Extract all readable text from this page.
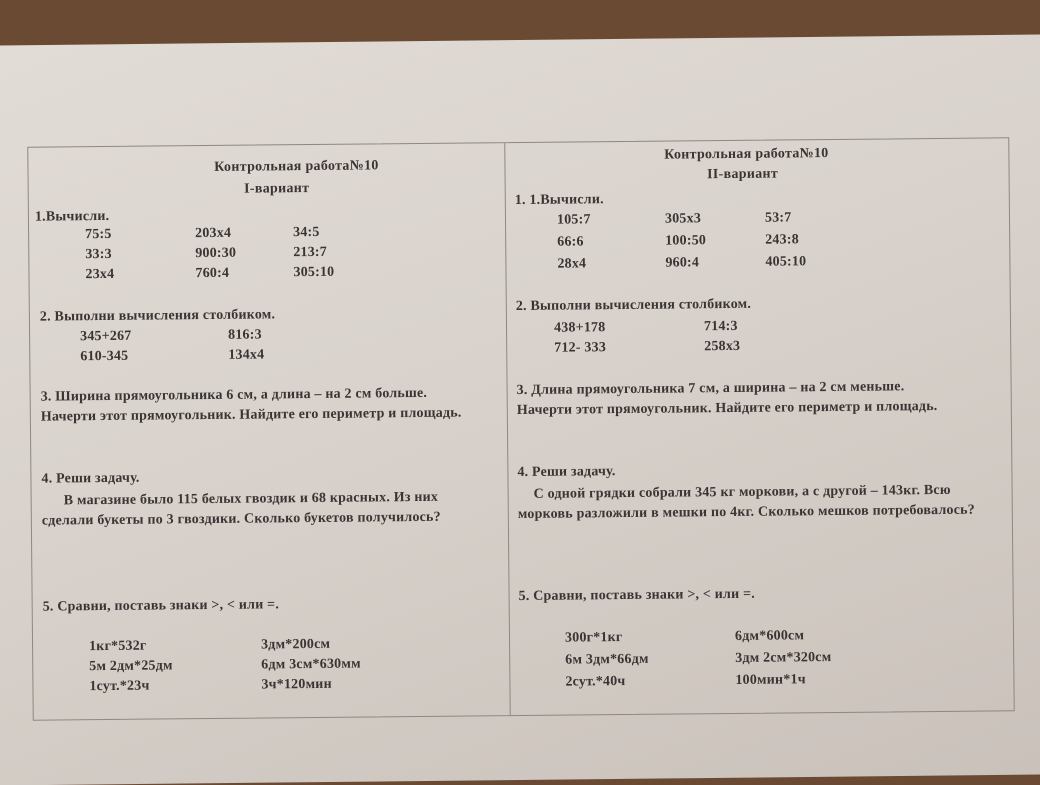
Контрольная работа№10
I-вариант
1.Вычисли.
75:5	203x4	34:5
33:3	900:30	213:7
23x4	760:4	305:10
2. Выполни вычисления столбиком.
345+267	816:3
610-345	134x4
3. Ширина прямоугольника 6 см, а длина – на 2 см больше. Начерти этот прямоугольник. Найдите его периметр и площадь.
4. Реши задачу.
В магазине было 115 белых гвоздик и 68 красных. Из них сделали букеты по 3 гвоздики. Сколько букетов получилось?
5. Сравни, поставь знаки >, < или =.
1кг*532г	3дм*200см
5м 2дм*25дм	6дм 3см*630мм
1сут.*23ч	3ч*120мин
Контрольная работа№10
II-вариант
1. 1.Вычисли.
105:7	305x3	53:7
66:6	100:50	243:8
28x4	960:4	405:10
2. Выполни вычисления столбиком.
438+178	714:3
712- 333	258x3
3. Длина прямоугольника 7 см, а ширина – на 2 см меньше. Начерти этот прямоугольник. Найдите его периметр и площадь.
4. Реши задачу.
С одной грядки собрали 345 кг моркови, а с другой – 143кг. Всю морковь разложили в мешки по 4кг. Сколько мешков потребовалось?
5. Сравни, поставь знаки >, < или =.
300г*1кг	6дм*600см
6м 3дм*66дм	3дм 2см*320см
2сут.*40ч	100мин*1ч
